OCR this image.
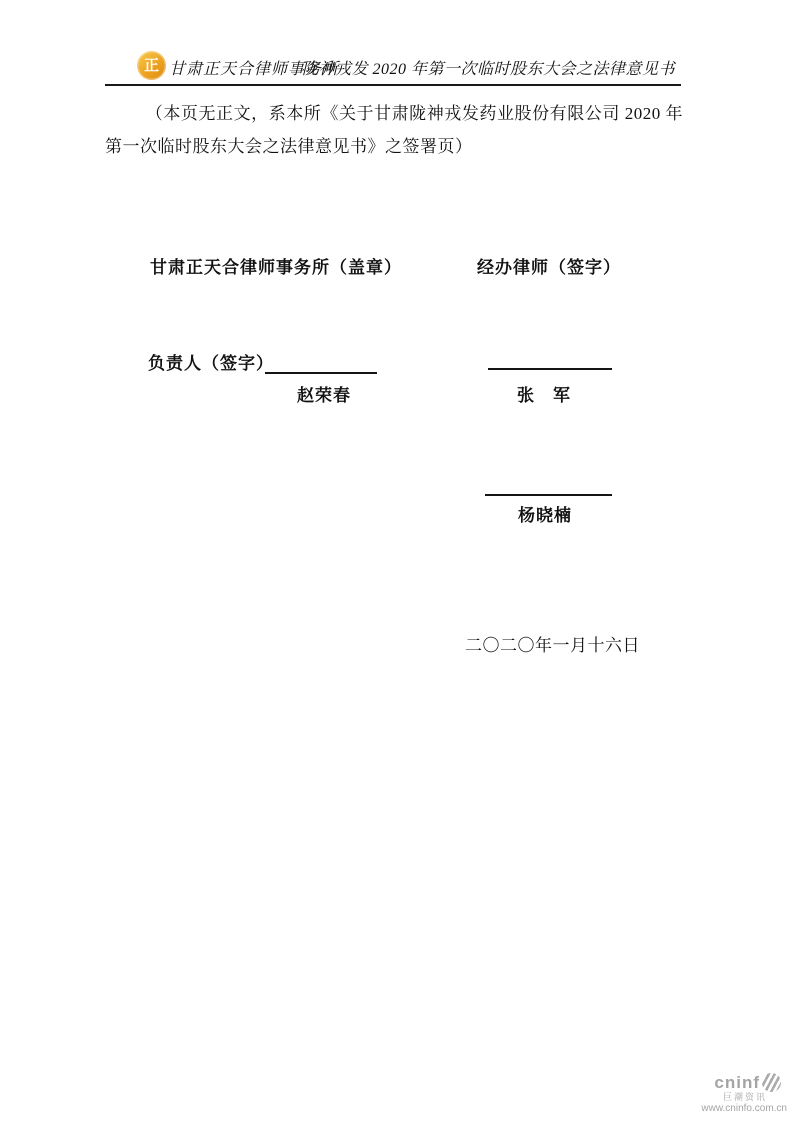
正 甘肃正天合律师事务所
陇神戎发 2020 年第一次临时股东大会之法律意见书
（本页无正文，系本所《关于甘肃陇神戎发药业股份有限公司 2020 年第一次临时股东大会之法律意见书》之签署页）
甘肃正天合律师事务所（盖章）	经办律师（签字）
负责人（签字）
赵荣春	张　军
杨晓楠
二〇二〇年一月十六日
cninf
巨潮资讯
www.cninfo.com.cn
